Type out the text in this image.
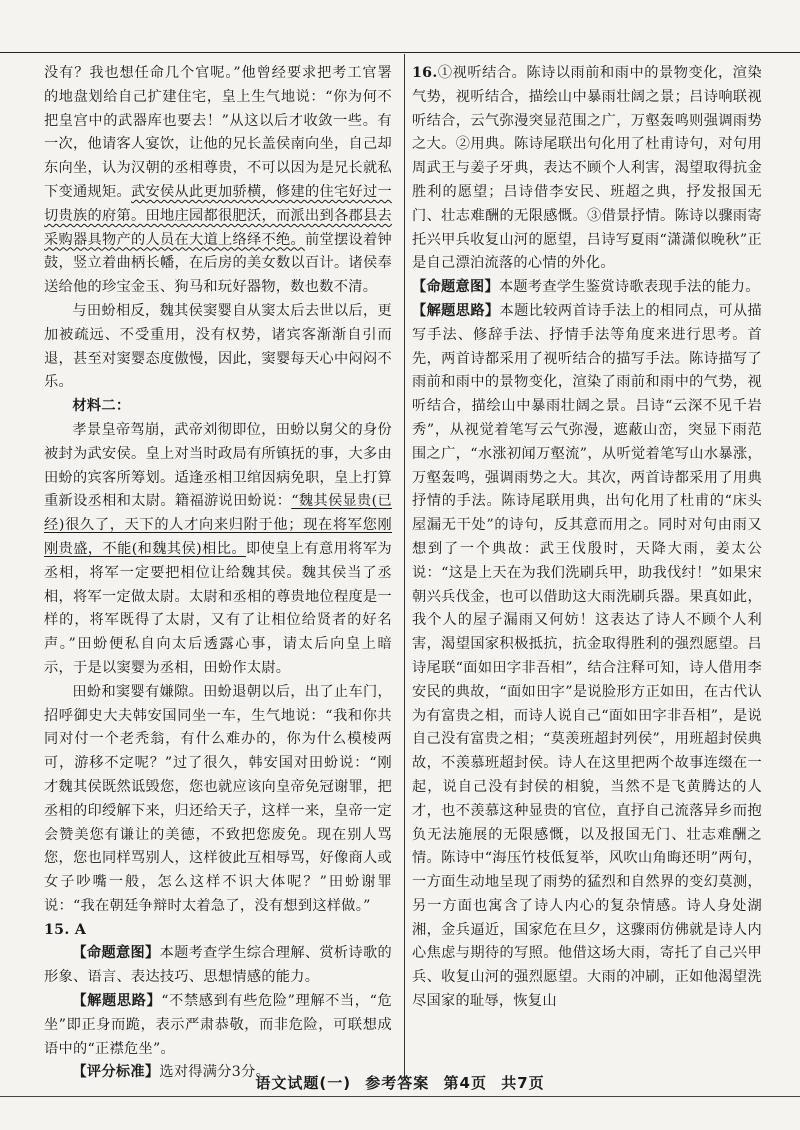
没有？我也想任命几个官呢。”他曾经要求把考工官署的地盘划给自己扩建住宅，皇上生气地说：“你为何不把皇宫中的武器库也要去！”从这以后才收敛一些。有一次，他请客人宴饮，让他的兄长盖侯南向坐，自己却东向坐，认为汉朝的丞相尊贵，不可以因为是兄长就私下变通规矩。武安侯从此更加骄横，修建的住宅好过一切贵族的府第。田地庄园都很肥沃，而派出到各郡县去采购器具物产的人员在大道上络绎不绝。前堂摆设着钟鼓，竖立着曲柄长幡，在后房的美女数以百计。诸侯奉送给他的珍宝金玉、狗马和玩好器物，数也数不清。

与田蚡相反，魏其侯窦婴自从窦太后去世以后，更加被疏远、不受重用，没有权势，诸宾客渐渐自引而退，甚至对窦婴态度傲慢，因此，窦婴每天心中闷闷不乐。

材料二：

孝景皇帝驾崩，武帝刘彻即位，田蚡以舅父的身份被封为武安侯。皇上对当时政局有所镇抚的事，大多由田蚡的宾客所筹划。适逢丞相卫绾因病免职，皇上打算重新设丞相和太尉。籍福游说田蚡说：“魏其侯显贵(已经)很久了，天下的人才向来归附于他；现在将军您刚刚贵盛，不能(和魏其侯)相比。即使皇上有意用将军为丞相，将军一定要把相位让给魏其侯。魏其侯当了丞相，将军一定做太尉。太尉和丞相的尊贵地位程度是一样的，将军既得了太尉，又有了让相位给贤者的好名声。”田蚡便私自向太后透露心事，请太后向皇上暗示，于是以窦婴为丞相，田蚡作太尉。

田蚡和窦婴有嫌隙。田蚡退朝以后，出了止车门，招呼御史大夫韩安国同坐一车，生气地说：“我和你共同对付一个老秃翁，有什么难办的，你为什么模棱两可，游移不定呢？”过了很久，韩安国对田蚡说：“刚才魏其侯既然诋毁您，您也就应该向皇帝免冠谢罪，把丞相的印绶解下来，归还给天子，这样一来，皇帝一定会赞美您有谦让的美德，不致把您废免。现在别人骂您，您也同样骂别人，这样彼此互相辱骂，好像商人或女子吵嘴一般，怎么这样不识大体呢？”田蚡谢罪说：“我在朝廷争辩时太着急了，没有想到这样做。”

15. A

【命题意图】本题考查学生综合理解、赏析诗歌的形象、语言、表达技巧、思想情感的能力。

【解题思路】“不禁感到有些危险”理解不当，“危坐”即正身而跪，表示严肃恭敬，而非危险，可联想成语中的“正襟危坐”。

【评分标准】选对得满分3分。

16.①视听结合。陈诗以雨前和雨中的景物变化，渲染气势，视听结合，描绘山中暴雨壮阔之景；吕诗响联视听结合，云气弥漫突显范围之广，万壑轰鸣则强调雨势之大。②用典。陈诗尾联出句化用了杜甫诗句，对句用周武王与姜子牙典，表达不顾个人利害，渴望取得抗金胜利的愿望；吕诗借李安民、班超之典，抒发报国无门、壮志难酬的无限感慨。③借景抒情。陈诗以骤雨寄托兴甲兵收复山河的愿望，吕诗写夏雨“潇潇似晚秋”正是自己漂泊流落的心情的外化。

【命题意图】本题考查学生鉴赏诗歌表现手法的能力。

【解题思路】本题比较两首诗手法上的相同点，可从描写手法、修辞手法、抒情手法等角度来进行思考。首先，两首诗都采用了视听结合的描写手法。陈诗描写了雨前和雨中的景物变化，渲染了雨前和雨中的气势，视听结合，描绘山中暴雨壮阔之景。吕诗“云深不见千岩秀”，从视觉着笔写云气弥漫，遮蔽山峦，突显下雨范围之广，“水涨初闻万壑流”，从听觉着笔写山水暴涨，万壑轰鸣，强调雨势之大。其次，两首诗都采用了用典抒情的手法。陈诗尾联用典，出句化用了杜甫的“床头屋漏无干处”的诗句，反其意而用之。同时对句由雨又想到了一个典故：武王伐殷时，天降大雨，姜太公说：“这是上天在为我们洗刷兵甲，助我伐纣！”如果宋朝兴兵伐金，也可以借助这大雨洗刷兵器。果真如此，我个人的屋子漏雨又何妨！这表达了诗人不顾个人利害，渴望国家积极抵抗，抗金取得胜利的强烈愿望。吕诗尾联“面如田字非吾相”，结合注释可知，诗人借用李安民的典故，“面如田字”是说脸形方正如田，在古代认为有富贵之相，而诗人说自己“面如田字非吾相”，是说自己没有富贵之相；“莫羡班超封列侯”，用班超封侯典故，不羡慕班超封侯。诗人在这里把两个故事连缀在一起，说自己没有封侯的相貌，当然不是飞黄腾达的人才，也不羡慕这种显贵的官位，直抒自己流落异乡而抱负无法施展的无限感慨，以及报国无门、壮志难酬之情。陈诗中“海压竹枝低复举，风吹山角晦还明”两句，一方面生动地呈现了雨势的猛烈和自然界的变幻莫测，另一方面也寓含了诗人内心的复杂情感。诗人身处湖湘，金兵逼近，国家危在旦夕，这骤雨仿佛就是诗人内心焦虑与期待的写照。他借这场大雨，寄托了自己兴甲兵、收复山河的强烈愿望。大雨的冲刷，正如他渴望洗尽国家的耻辱，恢复山

语文试题(一) 参考答案 第4页 共7页
